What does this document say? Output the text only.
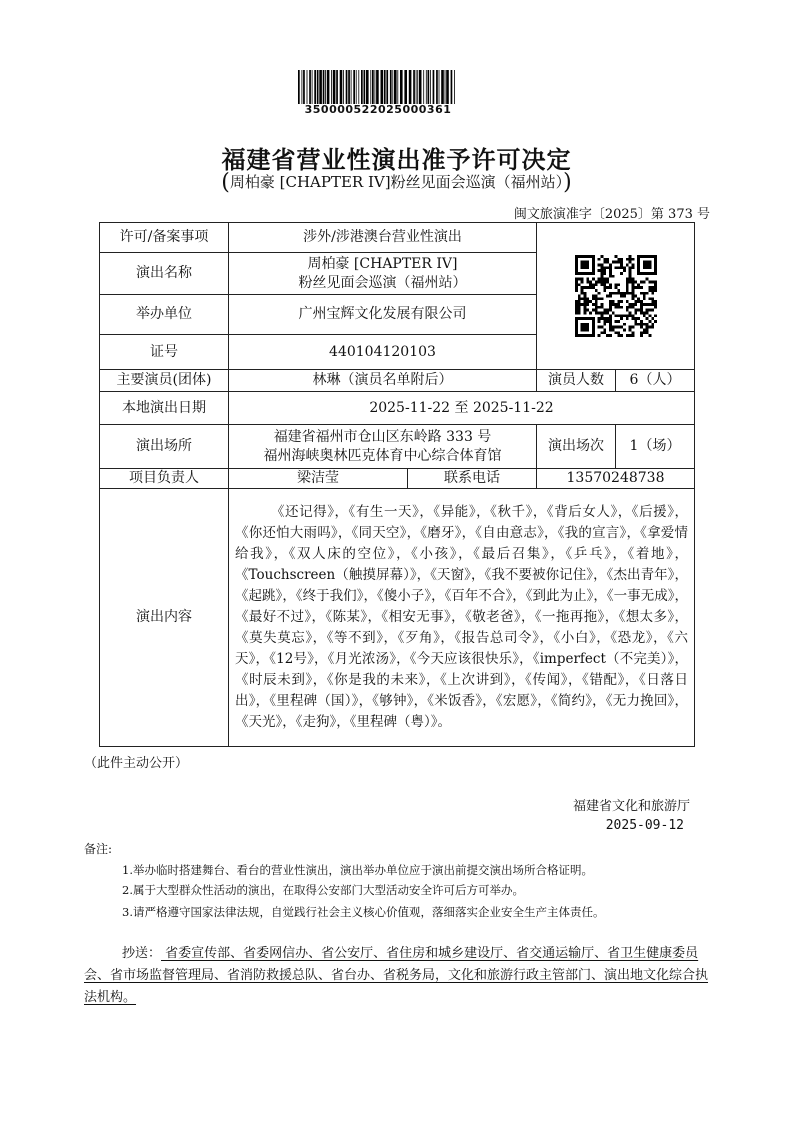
350000522025000361
福建省营业性演出准予许可决定
(周柏豪 [CHAPTER IV]粉丝见面会巡演（福州站）)
闽文旅演准字〔2025〕第 373 号
许可/备案事项	涉外/涉港澳台营业性演出	

演出名称	周柏豪 [CHAPTER IV]
粉丝见面会巡演（福州站）			

举办单位	广州宝辉文化发展有限公司			
证号	440104120103			
主要演员(团体)	林琳（演员名单附后）		演员人数	6（人）
本地演出日期	2025-11-22 至 2025-11-22			
演出场所	福建省福州市仓山区东岭路 333 号
福州海峡奥林匹克体育中心综合体育馆		演出场次	1（场）
项目负责人	梁洁莹	联系电话	13570248738	
演出内容	《还记得》，《有生一天》，《异能》，《秋千》，《背后女人》，《后援》，《你还怕大雨吗》，《同天空》，《磨牙》，《自由意志》，《我的宣言》，《拿爱情给我》，《双人床的空位》，《小孩》，《最后召集》，《乒乓》，《着地》，《Touchscreen（触摸屏幕）》，《天窗》，《我不要被你记住》，《杰出青年》，《起跳》，《终于我们》，《傻小子》，《百年不合》，《到此为止》，《一事无成》，《最好不过》，《陈某》，《相安无事》，《敬老爸》，《一拖再拖》，《想太多》，《莫失莫忘》，《等不到》，《歹角》，《报告总司令》，《小白》，《恐龙》，《六天》，《12号》，《月光浓汤》，《今天应该很快乐》，《imperfect（不完美）》，《时辰未到》，《你是我的未来》，《上次讲到》，《传闻》，《错配》，《日落日出》，《里程碑（国）》，《够钟》，《米饭香》，《宏愿》，《简约》，《无力挽回》，《天光》，《走狗》，《里程碑（粤）》。			
（此件主动公开）
福建省文化和旅游厅
2025-09-12
备注:
1.举办临时搭建舞台、看台的营业性演出，演出举办单位应于演出前提交演出场所合格证明。
2.属于大型群众性活动的演出，在取得公安部门大型活动安全许可后方可举办。
3.请严格遵守国家法律法规，自觉践行社会主义核心价值观，落细落实企业安全生产主体责任。
抄送： 省委宣传部、省委网信办、省公安厅、省住房和城乡建设厅、省交通运输厅、省卫生健康委员会、省市场监督管理局、省消防救援总队、省台办、省税务局，文化和旅游行政主管部门、演出地文化综合执法机构。
